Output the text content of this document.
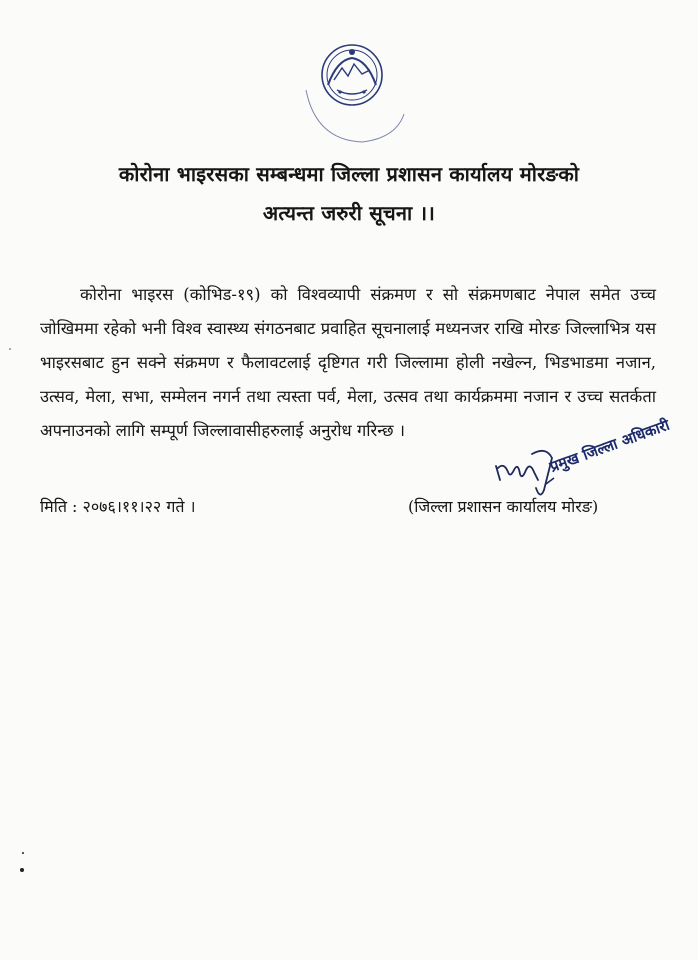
कोरोना भाइरसका सम्बन्धमा जिल्ला प्रशासन कार्यालय मोरङको
अत्यन्त जरुरी सूचना ।।

कोरोना भाइरस (कोभिड-१९) को विश्वव्यापी संक्रमण र सो संक्रमणबाट नेपाल समेत उच्च जोखिममा रहेको भनी विश्व स्वास्थ्य संगठनबाट प्रवाहित सूचनालाई मध्यनजर राखि मोरङ जिल्लाभित्र यस भाइरसबाट हुन सक्ने संक्रमण र फैलावटलाई दृष्टिगत गरी जिल्लामा होली नखेल्न, भिडभाडमा नजान, उत्सव, मेला, सभा, सम्मेलन नगर्न तथा त्यस्ता पर्व, मेला, उत्सव तथा कार्यक्रममा नजान र उच्च सतर्कता अपनाउनको लागि सम्पूर्ण जिल्लावासीहरुलाई अनुरोध गरिन्छ ।

मिति : २०७६।११।२२ गते ।
प्रमुख जिल्ला अधिकारी
(जिल्ला प्रशासन कार्यालय मोरङ)
